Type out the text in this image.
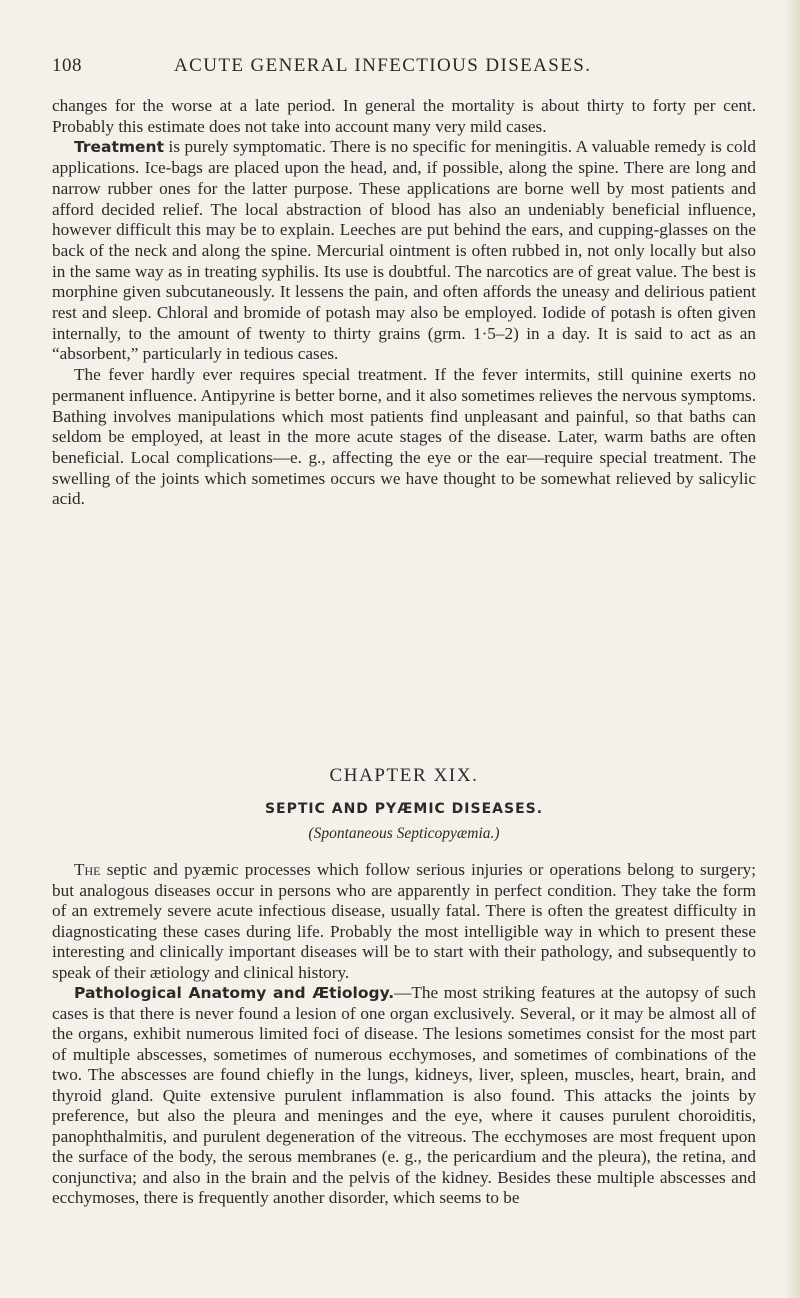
108	ACUTE GENERAL INFECTIOUS DISEASES.

changes for the worse at a late period. In general the mortality is about thirty to forty per cent. Probably this estimate does not take into account many very mild cases.

Treatment is purely symptomatic. There is no specific for meningitis. A valuable remedy is cold applications. Ice-bags are placed upon the head, and, if possible, along the spine. There are long and narrow rubber ones for the latter purpose. These applications are borne well by most patients and afford decided relief. The local abstraction of blood has also an undeniably beneficial influence, however difficult this may be to explain. Leeches are put behind the ears, and cupping-glasses on the back of the neck and along the spine. Mercurial ointment is often rubbed in, not only locally but also in the same way as in treating syphilis. Its use is doubtful. The narcotics are of great value. The best is morphine given subcutaneously. It lessens the pain, and often affords the uneasy and delirious patient rest and sleep. Chloral and bromide of potash may also be employed. Iodide of potash is often given internally, to the amount of twenty to thirty grains (grm. 1·5–2) in a day. It is said to act as an “absorbent,” particularly in tedious cases.

The fever hardly ever requires special treatment. If the fever intermits, still quinine exerts no permanent influence. Antipyrine is better borne, and it also sometimes relieves the nervous symptoms. Bathing involves manipulations which most patients find unpleasant and painful, so that baths can seldom be employed, at least in the more acute stages of the disease. Later, warm baths are often beneficial. Local complications—e. g., affecting the eye or the ear—require special treatment. The swelling of the joints which sometimes occurs we have thought to be somewhat relieved by salicylic acid.

CHAPTER XIX.
SEPTIC AND PYÆMIC DISEASES.
(Spontaneous Septicopyæmia.)

The septic and pyæmic processes which follow serious injuries or operations belong to surgery; but analogous diseases occur in persons who are apparently in perfect condition. They take the form of an extremely severe acute infectious disease, usually fatal. There is often the greatest difficulty in diagnosticating these cases during life. Probably the most intelligible way in which to present these interesting and clinically important diseases will be to start with their pathology, and subsequently to speak of their ætiology and clinical history.

Pathological Anatomy and Ætiology.—The most striking features at the autopsy of such cases is that there is never found a lesion of one organ exclusively. Several, or it may be almost all of the organs, exhibit numerous limited foci of disease. The lesions sometimes consist for the most part of multiple abscesses, sometimes of numerous ecchymoses, and sometimes of combinations of the two. The abscesses are found chiefly in the lungs, kidneys, liver, spleen, muscles, heart, brain, and thyroid gland. Quite extensive purulent inflammation is also found. This attacks the joints by preference, but also the pleura and meninges and the eye, where it causes purulent choroiditis, panophthalmitis, and purulent degeneration of the vitreous. The ecchymoses are most frequent upon the surface of the body, the serous membranes (e. g., the pericardium and the pleura), the retina, and conjunctiva; and also in the brain and the pelvis of the kidney. Besides these multiple abscesses and ecchymoses, there is frequently another disorder, which seems to be
